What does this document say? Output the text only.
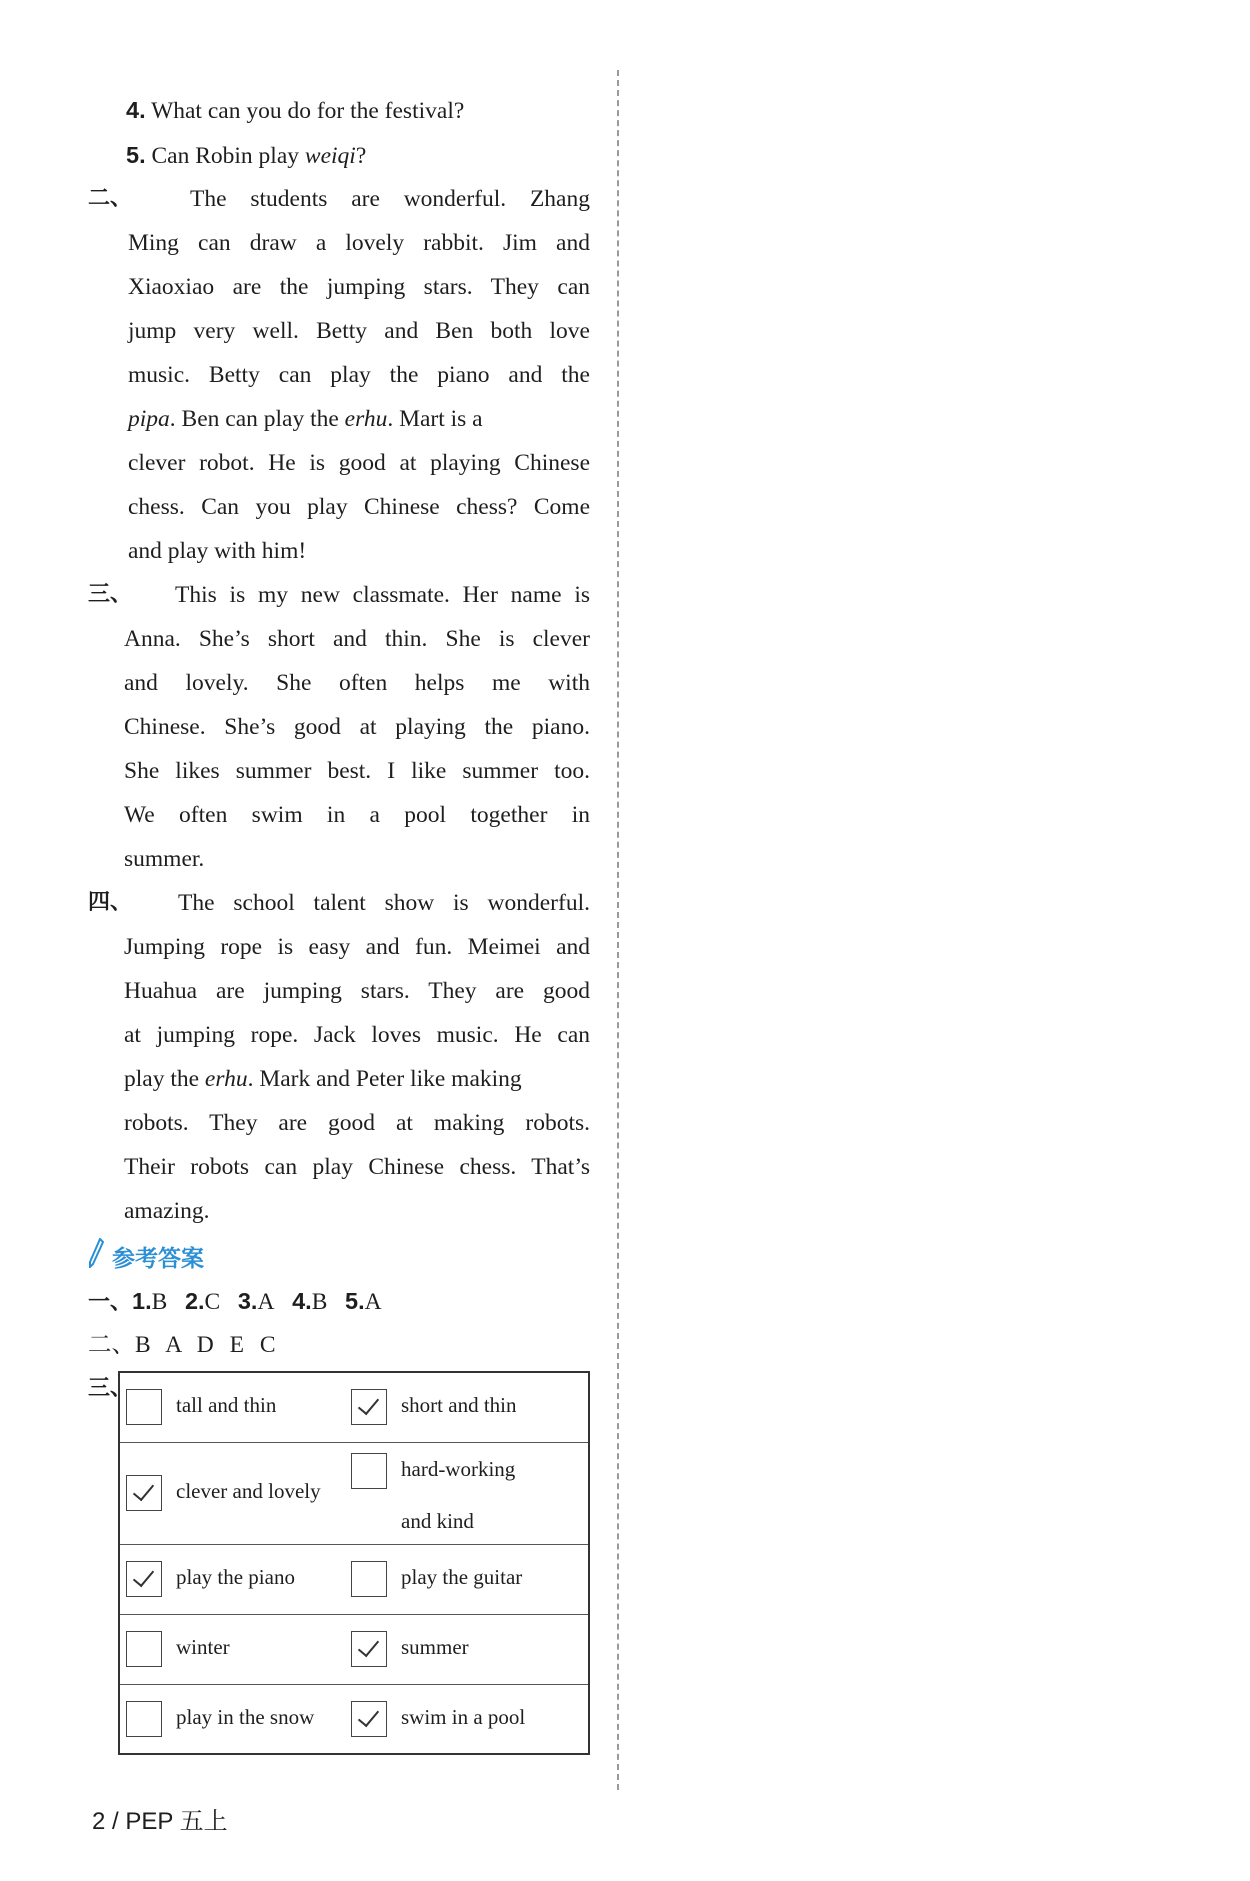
4. What can you do for the festival?
5. Can Robin play weiqi?
二、 The students are wonderful. Zhang
Ming can draw a lovely rabbit. Jim and
Xiaoxiao are the jumping stars. They can
jump very well. Betty and Ben both love
music. Betty can play the piano and the
pipa. Ben can play the erhu. Mart is a
clever robot. He is good at playing Chinese
chess. Can you play Chinese chess? Come
and play with him!
三、 This is my new classmate. Her name is
Anna. She’s short and thin. She is clever
and lovely. She often helps me with
Chinese. She’s good at playing the piano.
She likes summer best. I like summer too.
We often swim in a pool together in
summer.
四、 The school talent show is wonderful.
Jumping rope is easy and fun. Meimei and
Huahua are jumping stars. They are good
at jumping rope. Jack loves music. He can
play the erhu. Mark and Peter like making
robots. They are good at making robots.
Their robots can play Chinese chess. That’s
amazing.
参考答案
一、1.B 2.C 3.A 4.B 5.A
二、B A D E C
三、
tall and thin	short and thin
clever and lovely	hard-working
and kind

play the piano	play the guitar
winter	summer
play in the snow	swim in a pool

2 / PEP 五上
